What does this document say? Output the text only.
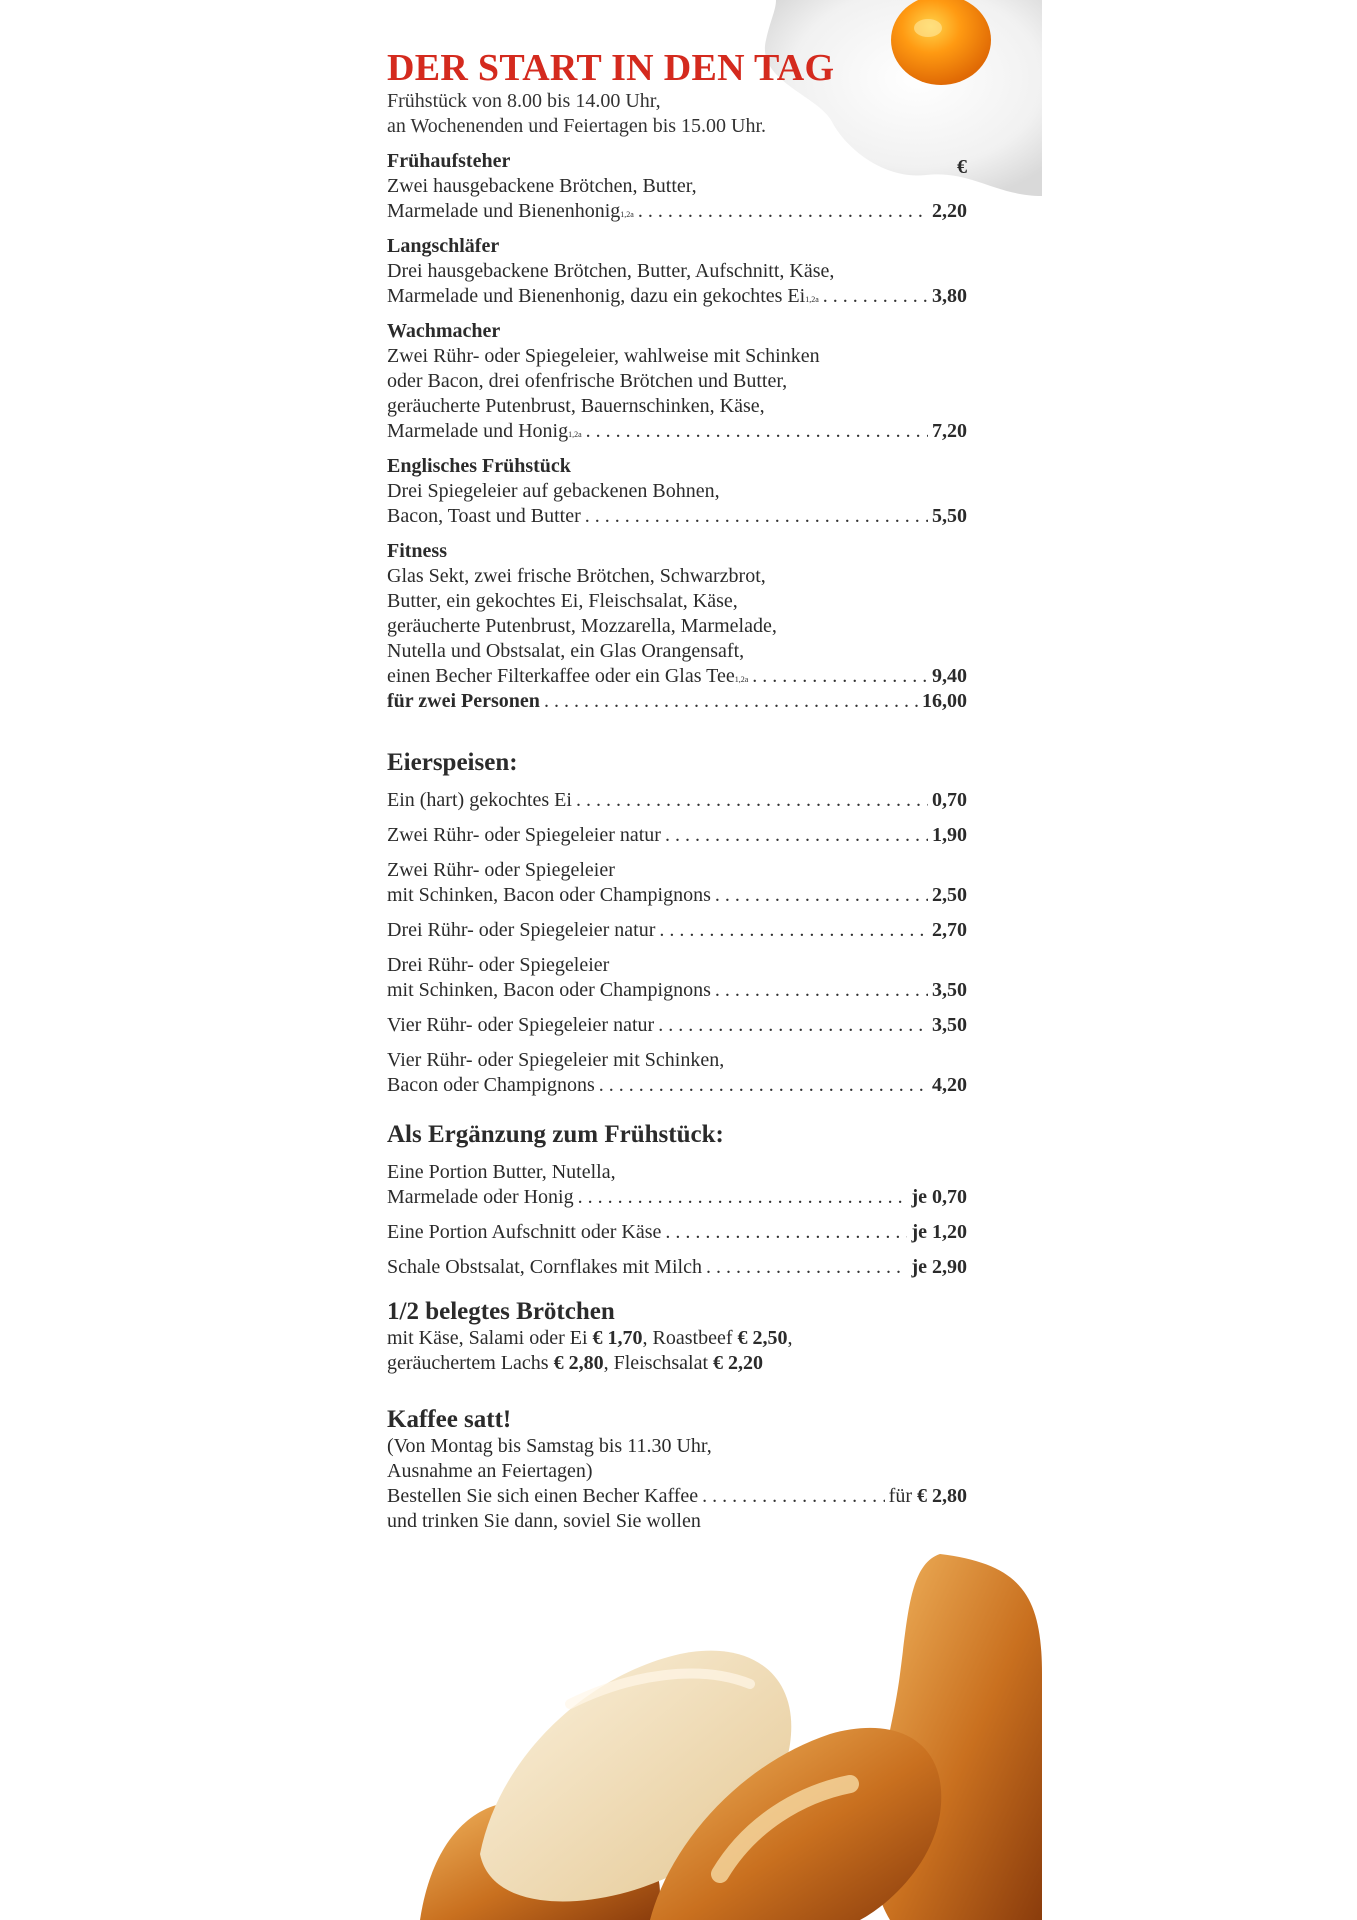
DER START IN DEN TAG
Frühstück von 8.00 bis 14.00 Uhr,
an Wochenenden und Feiertagen bis 15.00 Uhr.
Frühaufsteher
Zwei hausgebackene Brötchen, Butter,
Marmelade und Bienenhonig 1,2a . . .	2,20
Langschläfer
Drei hausgebackene Brötchen, Butter, Aufschnitt, Käse,
Marmelade und Bienenhonig, dazu ein gekochtes Ei 1,2a . . .	3,80
Wachmacher
Zwei Rühr- oder Spiegeleier, wahlweise mit Schinken
oder Bacon, drei ofenfrische Brötchen und Butter,
geräucherte Putenbrust, Bauernschinken, Käse,
Marmelade und Honig 1,2a . . .	7,20
Englisches Frühstück
Drei Spiegeleier auf gebackenen Bohnen,
Bacon, Toast und Butter . . .	5,50
Fitness
Glas Sekt, zwei frische Brötchen, Schwarzbrot,
Butter, ein gekochtes Ei, Fleischsalat, Käse,
geräucherte Putenbrust, Mozzarella, Marmelade,
Nutella und Obstsalat, ein Glas Orangensaft,
einen Becher Filterkaffee oder ein Glas Tee 1,2a . . .	9,40
für zwei Personen . . .	16,00
Eierspeisen:
Ein (hart) gekochtes Ei . . .	0,70
Zwei Rühr- oder Spiegeleier natur . . .	1,90
Zwei Rühr- oder Spiegeleier
mit Schinken, Bacon oder Champignons . . .	2,50
Drei Rühr- oder Spiegeleier natur . . .	2,70
Drei Rühr- oder Spiegeleier
mit Schinken, Bacon oder Champignons . . .	3,50
Vier Rühr- oder Spiegeleier natur . . .	3,50
Vier Rühr- oder Spiegeleier mit Schinken,
Bacon oder Champignons . . .	4,20
Als Ergänzung zum Frühstück:
Eine Portion Butter, Nutella,
Marmelade oder Honig . . .	je 0,70
Eine Portion Aufschnitt oder Käse . . .	je 1,20
Schale Obstsalat, Cornflakes mit Milch . . .	je 2,90
1/2 belegtes Brötchen
mit Käse, Salami oder Ei € 1,70, Roastbeef € 2,50,
geräuchertem Lachs € 2,80, Fleischsalat € 2,20
Kaffee satt!
(Von Montag bis Samstag bis 11.30 Uhr,
Ausnahme an Feiertagen)
Bestellen Sie sich einen Becher Kaffee . . .	für € 2,80
und trinken Sie dann, soviel Sie wollen
€
